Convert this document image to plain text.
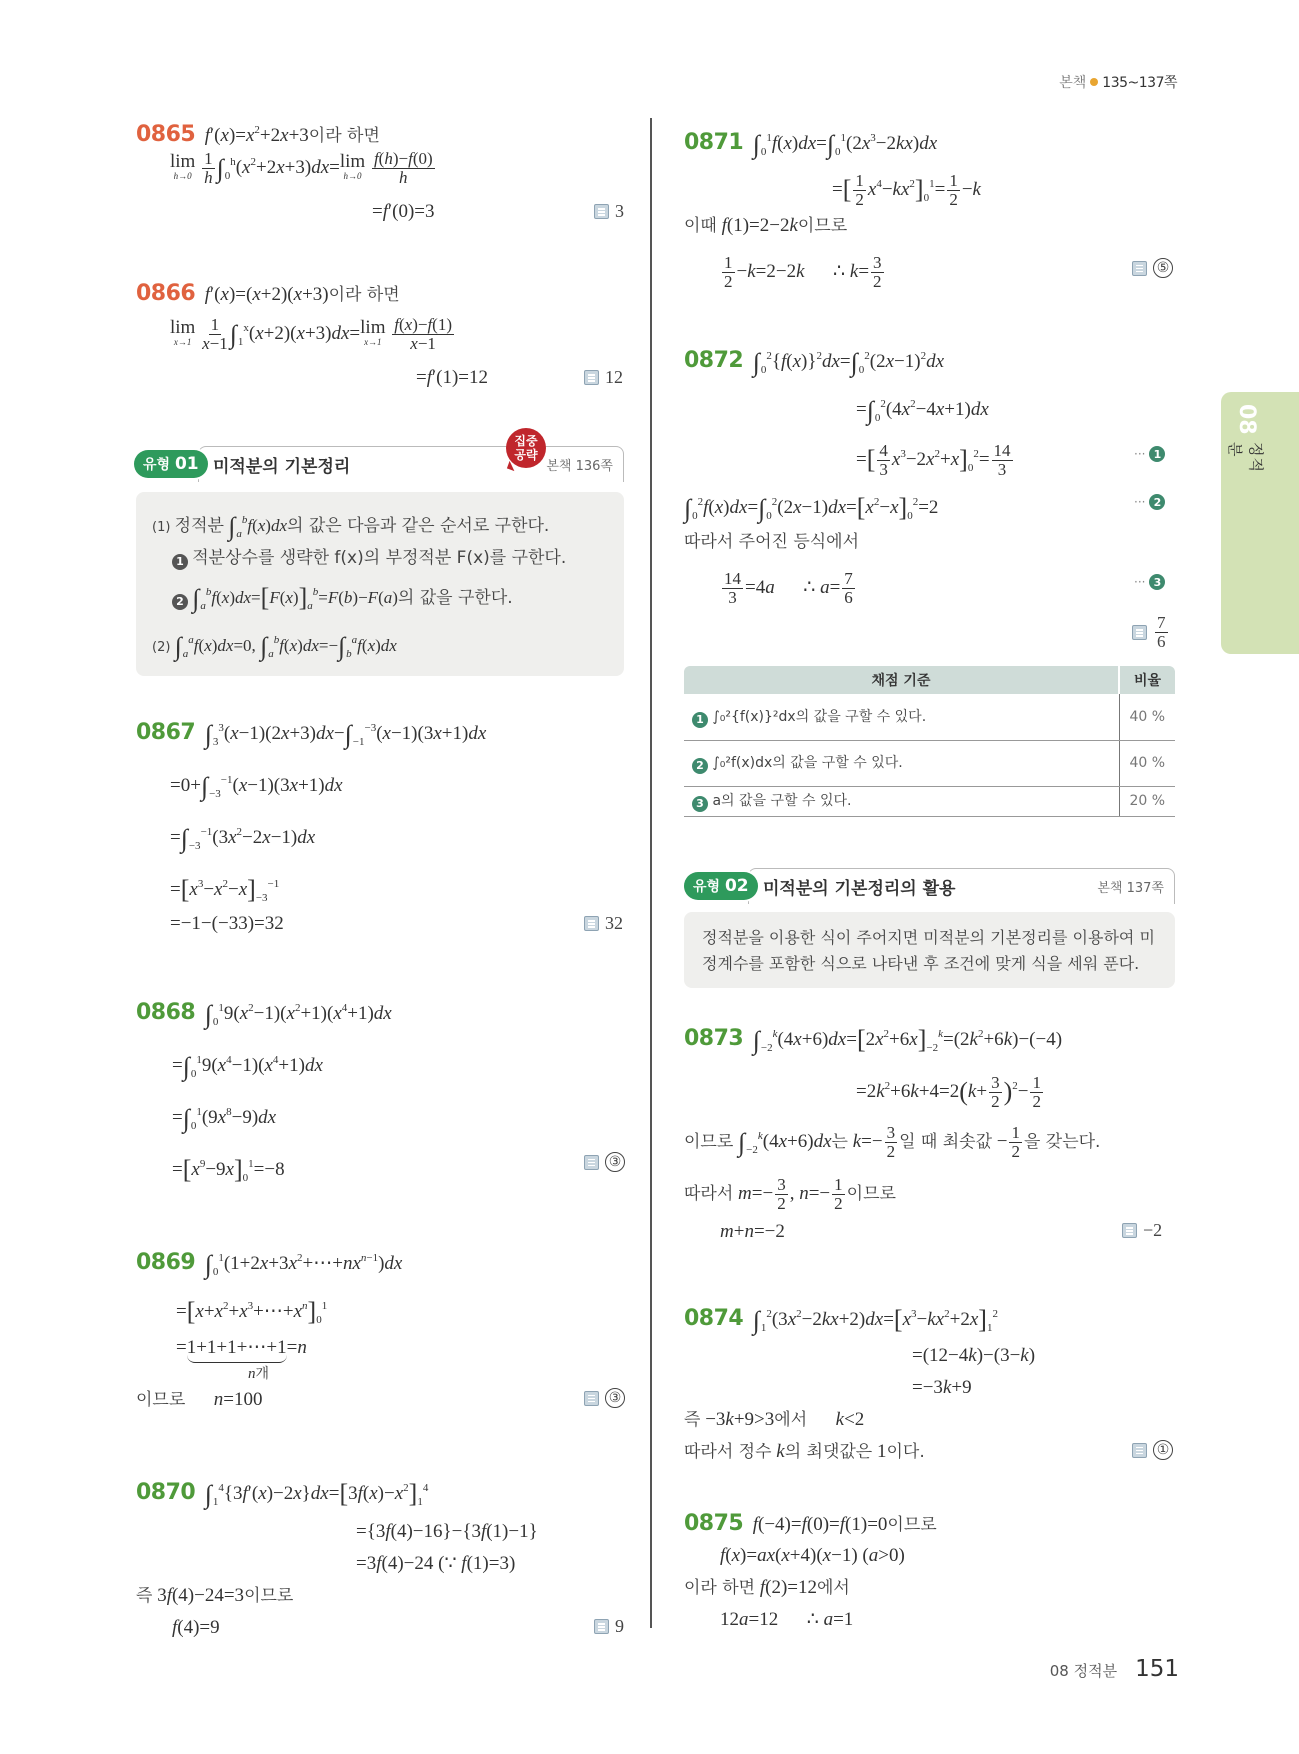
본책 135~137쪽
08
정적분
0865 $f'(x)=x^2+2x+3$이라 하면
lim
h→0
$\frac{1}{h} \int_0^h(x^2+2x+3)dx=\lim$
h→0
$\frac{f(h)-f(0)}{h}$
=f′(0)=3	3
0866 f′(x)=(x+2)(x+3)이라 하면
lim
x→1
$\frac{1}{x-1} \int_1^x(x+2)(x+3)dx=\lim$
x→1
$\frac{f(x)-f(1)}{x-1}$
=f′(1)=12	12
유형 01 미적분의 기본정리	본책 136쪽
집중
공략
(1) 정적분 $\int_a^bf(x)dx$의 값은 다음과 같은 순서로 구한다.
1 적분상수를 생략한 f(x)의 부정적분 F(x)를 구한다.
2 $\int_a^bf(x)dx=[F(x)]_a^b=F(b)-F(a)$의 값을 구한다.
(2) $\int_a^af(x)dx=0$, $\int_a^bf(x)dx=-\int_b^af(x)dx$
0867 $\int_3^3(x-1)(2x+3)dx-\int_{-1}^{-3}(x-1)(3x+1)dx$
$=0+\int_{-3}^{-1}(x-1)(3x+1)dx$
$=\int_{-3}^{-1}(3x^2-2x-1)dx$
$=[x^3-x^2-x]_{-3}^{-1}$
=−1−(−33)=32	32
0868 $\int_0^19(x^2-1)(x^2+1)(x^4+1)dx$
$=\int_0^19(x^4-1)(x^4+1)dx$
$=\int_0^1(9x^8-9)dx$
$=[x^9-9x]_0^1=-8$	③
0869 $\int_0^1(1+2x+3x^2+\cdots+nx^{n-1})dx$
$=[x+x^2+x^3+\cdots+x^n]_0^1$
=1+1+1+⋯+1=n
n개
이므로 n=100	③
0870 $\int_1^4\{3f'(x)-2x\}dx=[3f(x)-x^2]_1^4$
={3f(4)−16}−{3f(1)−1}
=3f(4)−24 (∵ f(1)=3)
즉 3f(4)−24=3이므로
f(4)=9	9
0871 $\int_0^1f(x)dx=\int_0^1(2x^3-2kx)dx$
=[ $\frac{1}{2} x^4-kx^2]_0^1= \frac{1}{2} -k$
이때 f(1)=2−2k이므로
$\frac{1}{2} -k=2-2k$      ∴ $k= \frac{3}{2}$	⑤
0872 $\int_0^2\{f(x)\}^2dx=\int_0^2(2x-1)^2dx$
$=\int_0^2(4x^2-4x+1)dx$
=[ $\frac{4}{3} x^3-2x^2+x]_0^2= \frac{14}{3}$	··· 1
$\int_0^2f(x)dx=\int_0^2(2x-1)dx=[x^2-x]_0^2=2$	··· 2
따라서 주어진 등식에서
$\frac{14}{3} =4a$      ∴ $a= \frac{7}{6}$	··· 3
$\frac{7}{6}$
채점 기준	비율
1 ∫₀²{f(x)}²dx의 값을 구할 수 있다.	40 %
2 ∫₀²f(x)dx의 값을 구할 수 있다.	40 %
3 a의 값을 구할 수 있다.	20 %
유형 02 미적분의 기본정리의 활용	본책 137쪽
정적분을 이용한 식이 주어지면 미적분의 기본정리를 이용하여 미
정계수를 포함한 식으로 나타낸 후 조건에 맞게 식을 세워 푼다.
0873 $\int_{-2}^k(4x+6)dx=[2x^2+6x]_{-2}^k=(2k^2+6k)-(-4)$
$=2k^2+6k+4=2(k+ \frac{3}{2} )^2- \frac{1}{2}$
이므로 $\int_{-2}^k(4x+6)dx$는 $k=- \frac{3}{2}$ 일 때 최솟값 − $\frac{1}{2}$ 을 갖는다.
따라서 $m=- \frac{3}{2}$ , $n=- \frac{1}{2}$ 이므로
m+n=−2	−2
0874 $\int_1^2(3x^2-2kx+2)dx=[x^3-kx^2+2x]_1^2$
=(12−4k)−(3−k)
=−3k+9
즉 −3k+9>3에서 k<2
따라서 정수 k의 최댓값은 1이다.	①
0875 f(−4)=f(0)=f(1)=0이므로
f(x)=ax(x+4)(x−1) (a>0)
이라 하면 f(2)=12에서
12a=12      ∴ a=1
08 정적분 151
